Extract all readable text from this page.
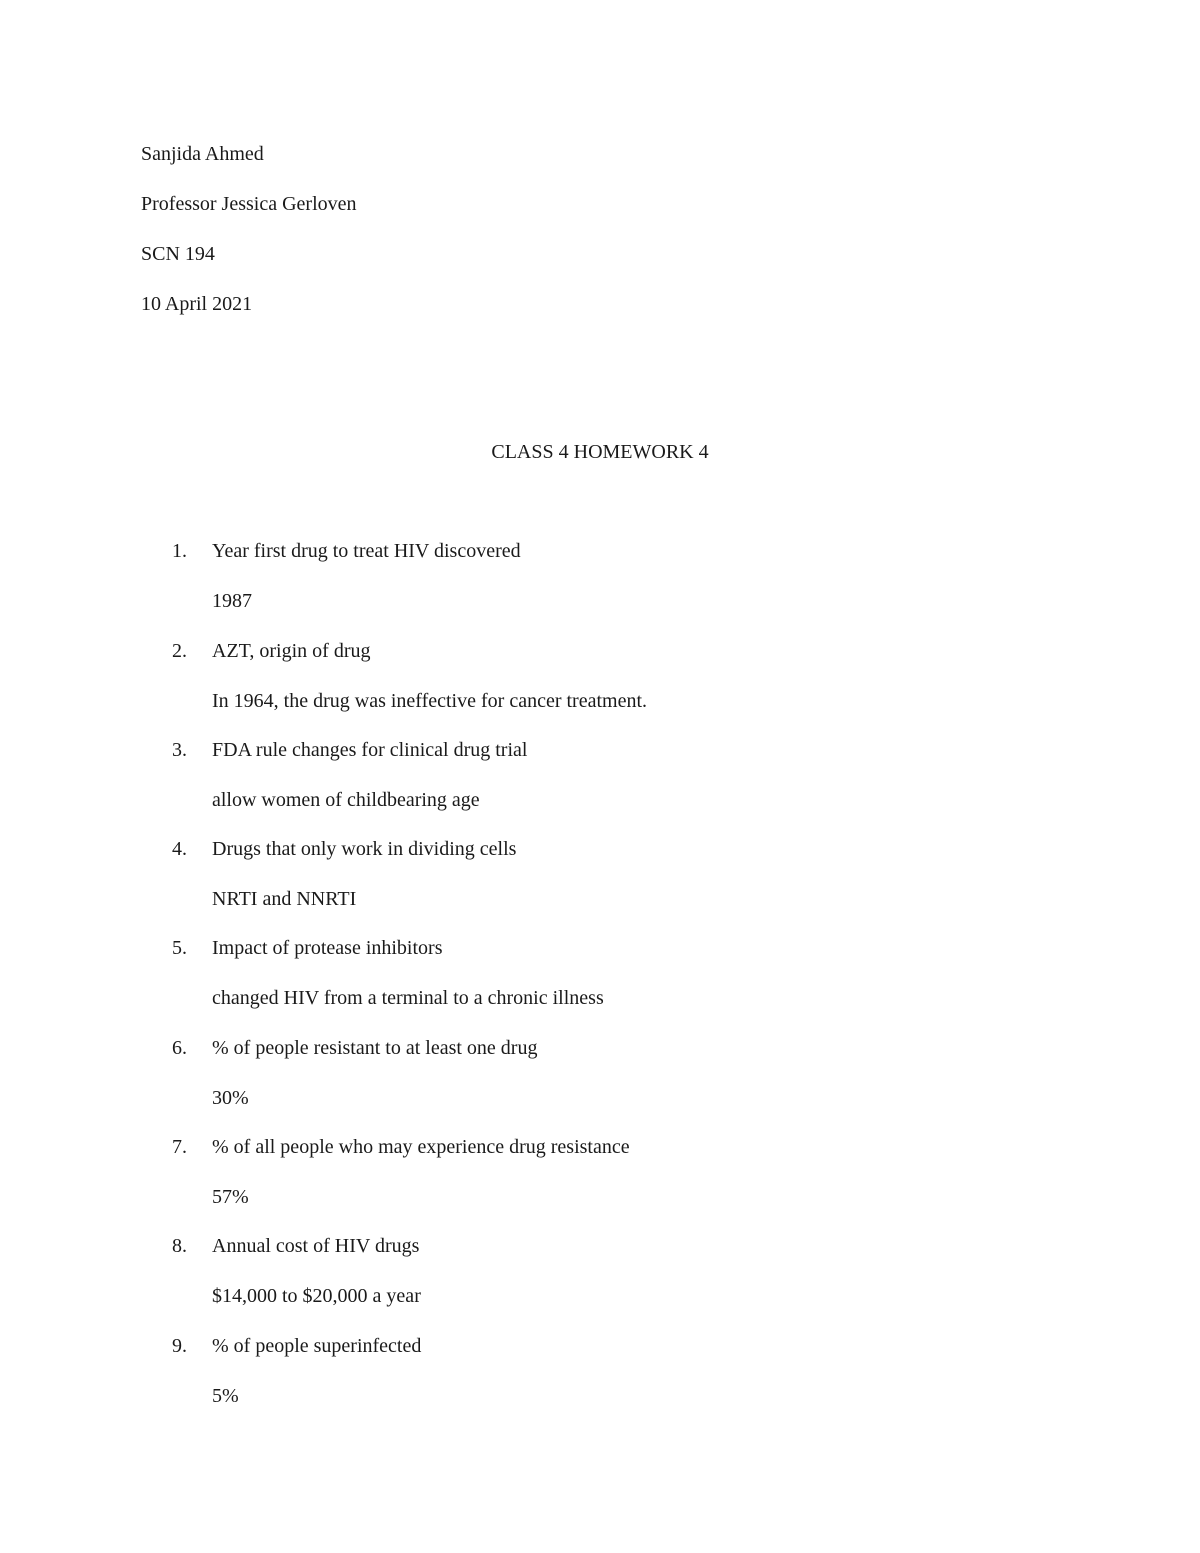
Sanjida Ahmed
Professor Jessica Gerloven
SCN 194
10 April 2021
CLASS 4 HOMEWORK 4
1. Year first drug to treat HIV discovered
1987
2. AZT, origin of drug
In 1964, the drug was ineffective for cancer treatment.
3. FDA rule changes for clinical drug trial
allow women of childbearing age
4. Drugs that only work in dividing cells
NRTI and NNRTI
5. Impact of protease inhibitors
changed HIV from a terminal to a chronic illness
6. % of people resistant to at least one drug
30%
7. % of all people who may experience drug resistance
57%
8. Annual cost of HIV drugs
$14,000 to $20,000 a year
9. % of people superinfected
5%
